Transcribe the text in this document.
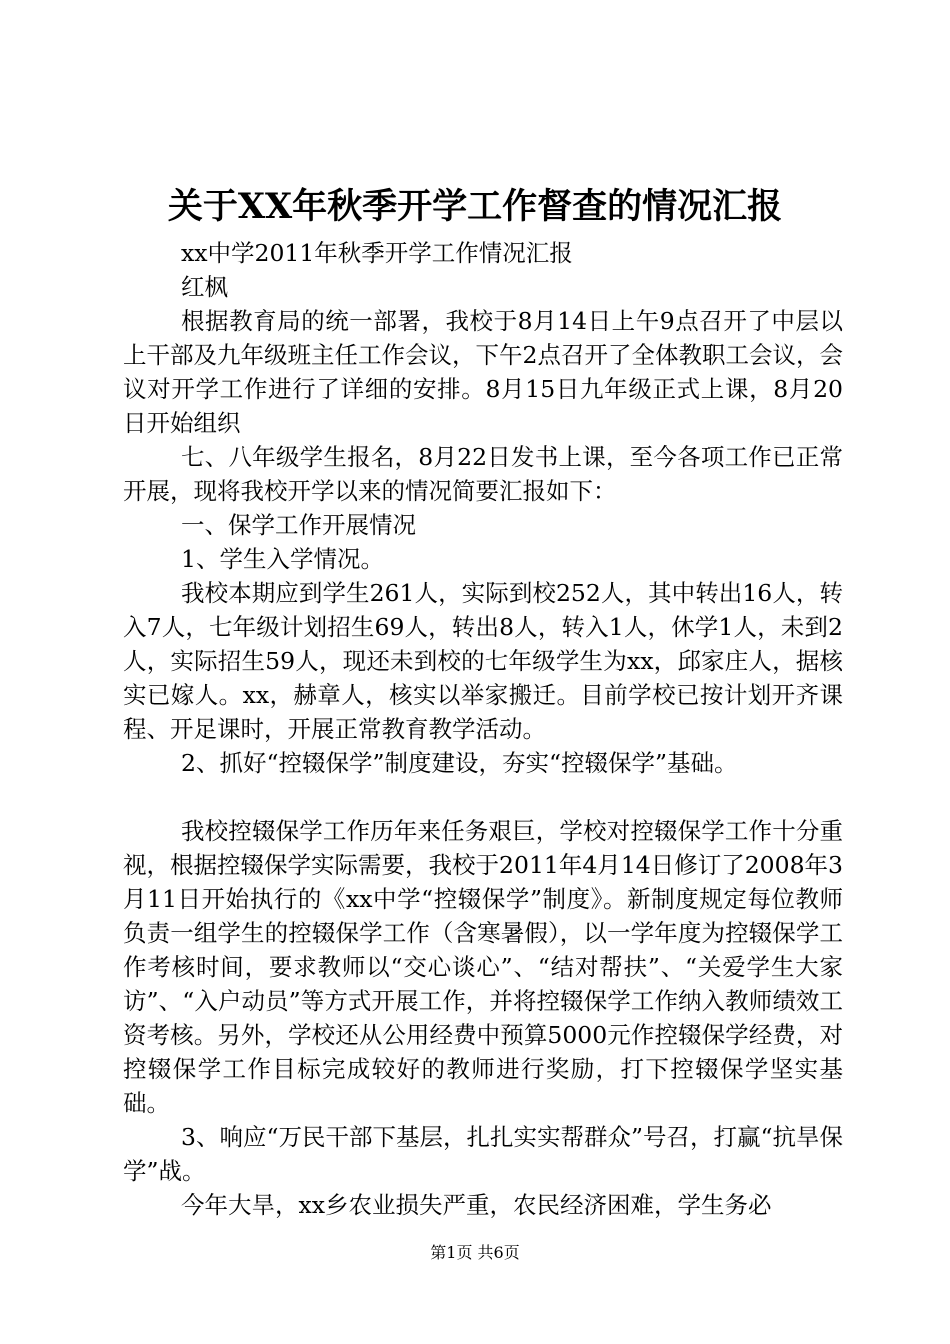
关于XX年秋季开学工作督查的情况汇报

xx中学2011年秋季开学工作情况汇报

红枫

根据教育局的统一部署，我校于8月14日上午9点召开了中层以上干部及九年级班主任工作会议，下午2点召开了全体教职工会议，会议对开学工作进行了详细的安排。8月15日九年级正式上课，8月20日开始组织

七、八年级学生报名，8月22日发书上课，至今各项工作已正常开展，现将我校开学以来的情况简要汇报如下：

一、保学工作开展情况

1、学生入学情况。

我校本期应到学生261人，实际到校252人，其中转出16人，转入7人，七年级计划招生69人，转出8人，转入1人，休学1人，未到2人，实际招生59人，现还未到校的七年级学生为xx，邱家庄人，据核实已嫁人。xx，赫章人，核实以举家搬迁。目前学校已按计划开齐课程、开足课时，开展正常教育教学活动。

2、抓好“控辍保学”制度建设，夯实“控辍保学”基础。

我校控辍保学工作历年来任务艰巨，学校对控辍保学工作十分重视，根据控辍保学实际需要，我校于2011年4月14日修订了2008年3月11日开始执行的《xx中学“控辍保学”制度》。新制度规定每位教师负责一组学生的控辍保学工作（含寒暑假），以一学年度为控辍保学工作考核时间，要求教师以“交心谈心”、“结对帮扶”、“关爱学生大家访”、“入户动员”等方式开展工作，并将控辍保学工作纳入教师绩效工资考核。另外，学校还从公用经费中预算5000元作控辍保学经费，对控辍保学工作目标完成较好的教师进行奖励，打下控辍保学坚实基础。

3、响应“万民干部下基层，扎扎实实帮群众”号召，打赢“抗旱保学”战。

今年大旱，xx乡农业损失严重，农民经济困难，学生务必

第1页 共6页
